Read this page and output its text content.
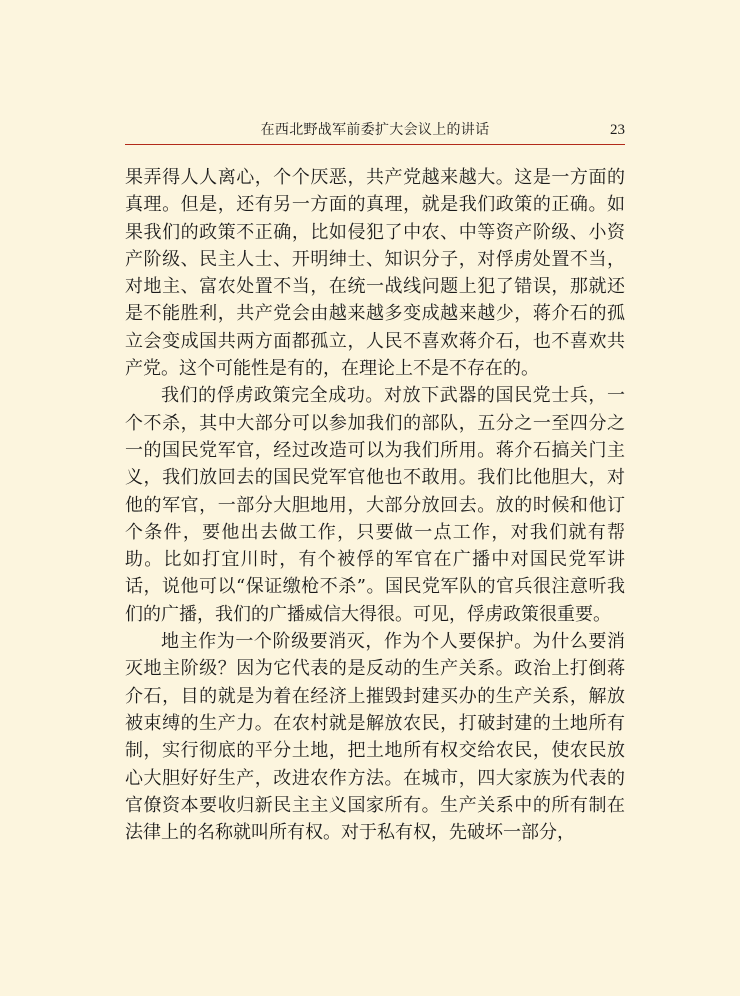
在西北野战军前委扩大会议上的讲话	23

果弄得人人离心，个个厌恶，共产党越来越大。这是一方面的真理。但是，还有另一方面的真理，就是我们政策的正确。如果我们的政策不正确，比如侵犯了中农、中等资产阶级、小资产阶级、民主人士、开明绅士、知识分子，对俘虏处置不当，对地主、富农处置不当，在统一战线问题上犯了错误，那就还是不能胜利，共产党会由越来越多变成越来越少，蒋介石的孤立会变成国共两方面都孤立，人民不喜欢蒋介石，也不喜欢共产党。这个可能性是有的，在理论上不是不存在的。

我们的俘虏政策完全成功。对放下武器的国民党士兵，一个不杀，其中大部分可以参加我们的部队，五分之一至四分之一的国民党军官，经过改造可以为我们所用。蒋介石搞关门主义，我们放回去的国民党军官他也不敢用。我们比他胆大，对他的军官，一部分大胆地用，大部分放回去。放的时候和他订个条件，要他出去做工作，只要做一点工作，对我们就有帮助。比如打宜川时，有个被俘的军官在广播中对国民党军讲话，说他可以“保证缴枪不杀”。国民党军队的官兵很注意听我们的广播，我们的广播威信大得很。可见，俘虏政策很重要。

地主作为一个阶级要消灭，作为个人要保护。为什么要消灭地主阶级？因为它代表的是反动的生产关系。政治上打倒蒋介石，目的就是为着在经济上摧毁封建买办的生产关系，解放被束缚的生产力。在农村就是解放农民，打破封建的土地所有制，实行彻底的平分土地，把土地所有权交给农民，使农民放心大胆好好生产，改进农作方法。在城市，四大家族为代表的官僚资本要收归新民主主义国家所有。生产关系中的所有制在法律上的名称就叫所有权。对于私有权，先破坏一部分，
